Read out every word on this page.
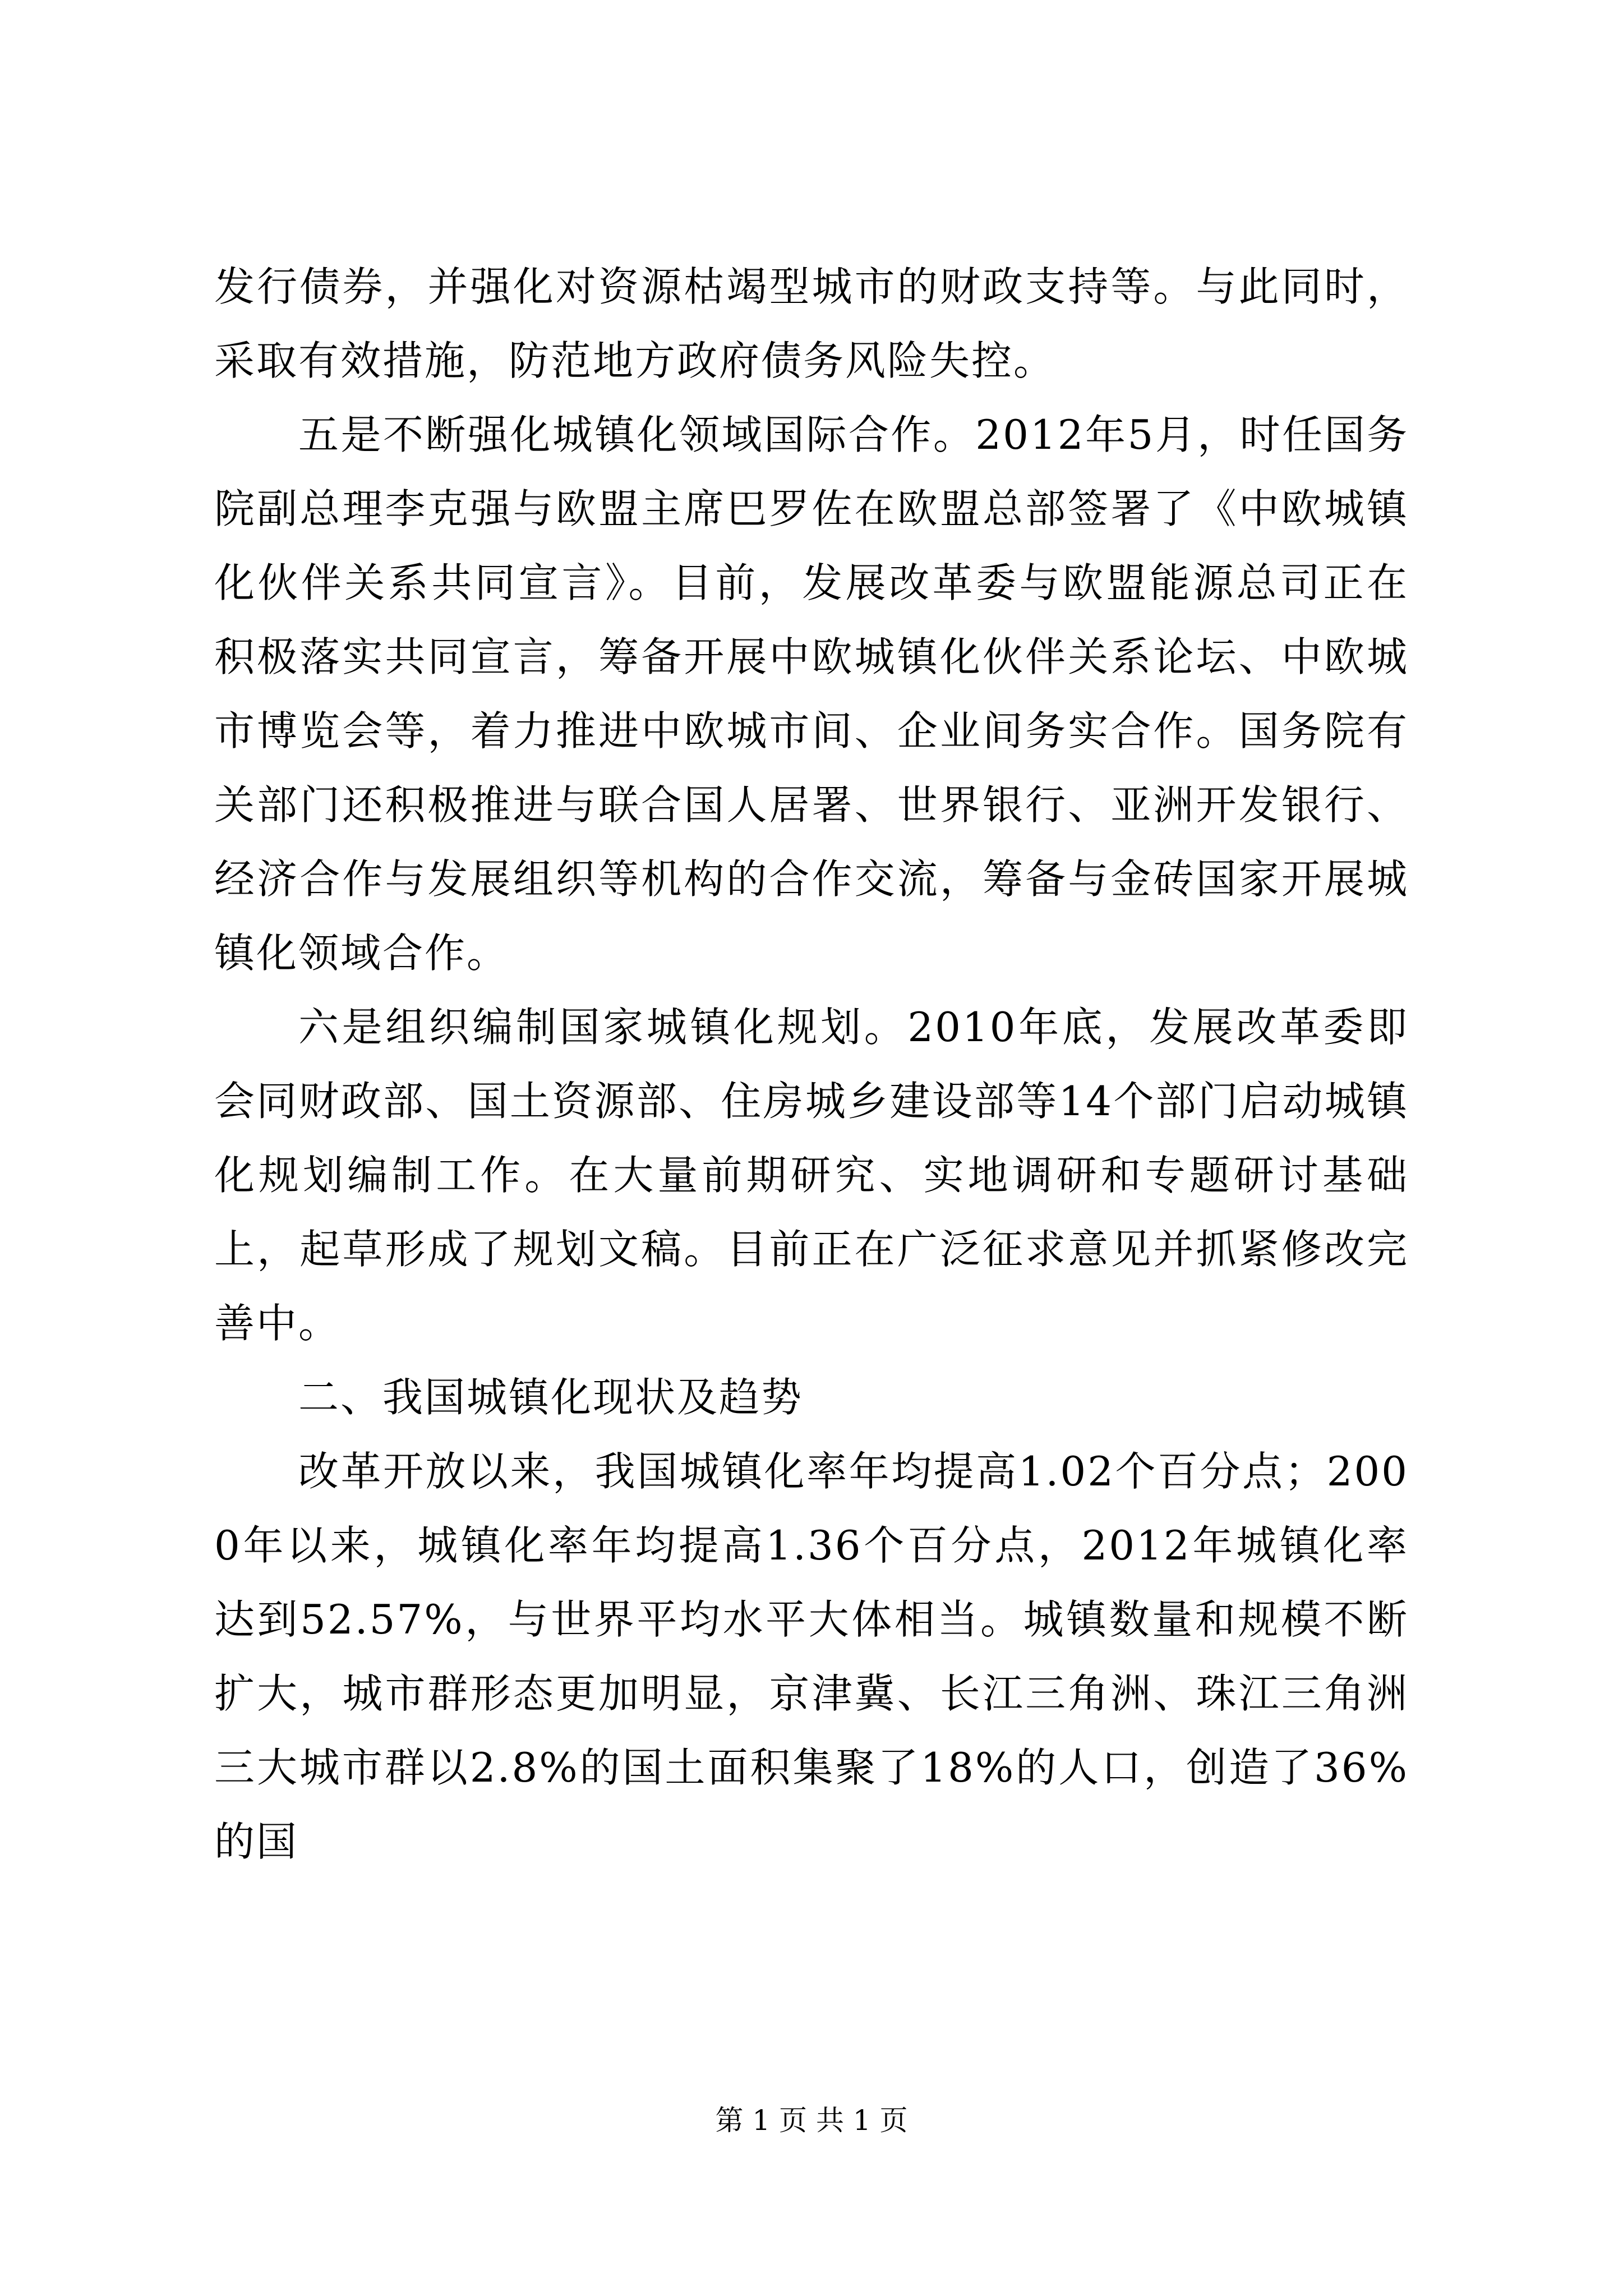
发行债券，并强化对资源枯竭型城市的财政支持等。与此同时，采取有效措施，防范地方政府债务风险失控。

五是不断强化城镇化领域国际合作。2012年5月，时任国务院副总理李克强与欧盟主席巴罗佐在欧盟总部签署了《中欧城镇化伙伴关系共同宣言》。目前，发展改革委与欧盟能源总司正在积极落实共同宣言，筹备开展中欧城镇化伙伴关系论坛、中欧城市博览会等，着力推进中欧城市间、企业间务实合作。国务院有关部门还积极推进与联合国人居署、世界银行、亚洲开发银行、经济合作与发展组织等机构的合作交流，筹备与金砖国家开展城镇化领域合作。

六是组织编制国家城镇化规划。2010年底，发展改革委即会同财政部、国土资源部、住房城乡建设部等14个部门启动城镇化规划编制工作。在大量前期研究、实地调研和专题研讨基础上，起草形成了规划文稿。目前正在广泛征求意见并抓紧修改完善中。

二、我国城镇化现状及趋势

改革开放以来，我国城镇化率年均提高1.02个百分点；2000年以来，城镇化率年均提高1.36个百分点，2012年城镇化率达到52.57%，与世界平均水平大体相当。城镇数量和规模不断扩大，城市群形态更加明显，京津冀、长江三角洲、珠江三角洲三大城市群以2.8%的国土面积集聚了18%的人口，创造了36%的国

第 1 页 共 1 页
